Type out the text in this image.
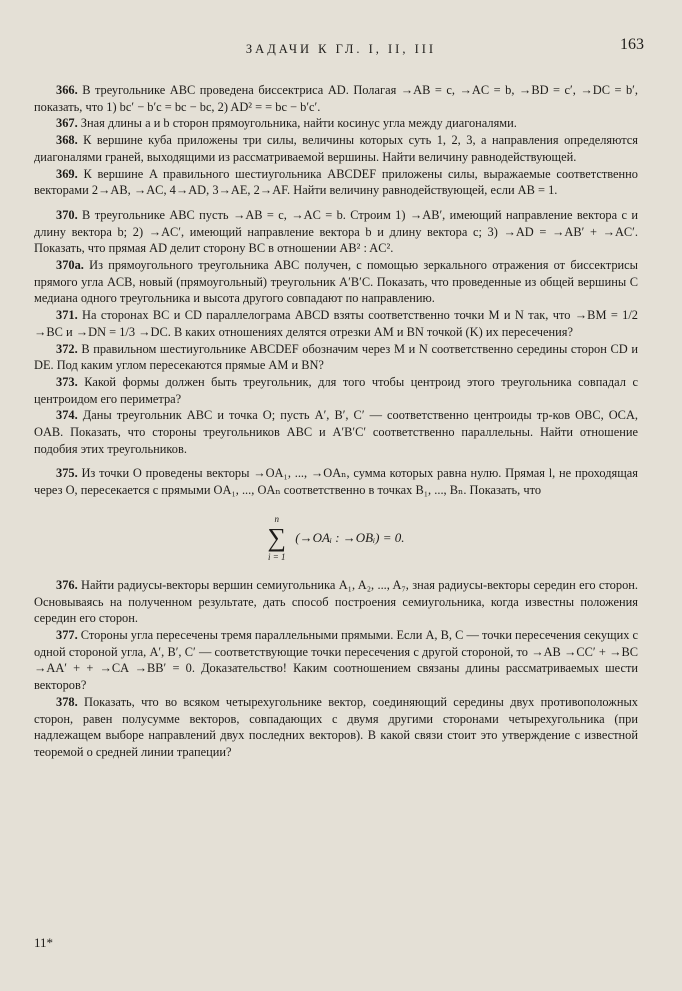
ЗАДАЧИ К ГЛ. I, II, III	163

366. В треугольнике ABC проведена биссектриса AD. Полагая →AB = c, →AC = b, →BD = c′, →DC = b′, показать, что 1) bc′ − b′c = bc − bc, 2) AD² = = bc − b′c′.

367. Зная длины a и b сторон прямоугольника, найти косинус угла между диагоналями.

368. К вершине куба приложены три силы, величины которых суть 1, 2, 3, а направления определяются диагоналями граней, выходящими из рассматриваемой вершины. Найти величину равнодействующей.

369. К вершине A правильного шестиугольника ABCDEF приложены силы, выражаемые соответственно векторами 2→AB, →AC, 4→AD, 3→AE, 2→AF. Найти величину равнодействующей, если AB = 1.

370. В треугольнике ABC пусть →AB = c, →AC = b. Строим 1) →AB′, имеющий направление вектора c и длину вектора b; 2) →AC′, имеющий направление вектора b и длину вектора c; 3) →AD = →AB′ + →AC′. Показать, что прямая AD делит сторону BC в отношении AB² : AC².

370а. Из прямоугольного треугольника ABC получен, с помощью зеркального отражения от биссектрисы прямого угла ACB, новый (прямоугольный) треугольник A′B′C. Показать, что проведенные из общей вершины C медиана одного треугольника и высота другого совпадают по направлению.

371. На сторонах BC и CD параллелограма ABCD взяты соответственно точки M и N так, что →BM = 1/2 →BC и →DN = 1/3 →DC. В каких отношениях делятся отрезки AM и BN точкой (K) их пересечения?

372. В правильном шестиугольнике ABCDEF обозначим через M и N соответственно середины сторон CD и DE. Под каким углом пересекаются прямые AM и BN?

373. Какой формы должен быть треугольник, для того чтобы центроид этого треугольника совпадал с центроидом его периметра?

374. Даны треугольник ABC и точка O; пусть A′, B′, C′ — соответственно центроиды тр-ков OBC, OCA, OAB. Показать, что стороны треугольников ABC и A′B′C′ соответственно параллельны. Найти отношение подобия этих треугольников.

375. Из точки O проведены векторы →OA₁, ..., →OAₙ, сумма которых равна нулю. Прямая l, не проходящая через O, пересекается с прямыми OA₁, ..., OAₙ соответственно в точках B₁, ..., Bₙ. Показать, что

n
∑
i = 1
(→OAᵢ : →OBᵢ) = 0.

376. Найти радиусы-векторы вершин семиугольника A₁, A₂, ..., A₇, зная радиусы-векторы середин его сторон. Основываясь на полученном результате, дать способ построения семиугольника, когда известны положения середин его сторон.

377. Стороны угла пересечены тремя параллельными прямыми. Если A, B, C — точки пересечения секущих с одной стороной угла, A′, B′, C′ — соответствующие точки пересечения с другой стороной, то →AB →CC′ + →BC →AA′ + + →CA →BB′ = 0. Доказательство! Каким соотношением связаны длины рассматриваемых шести векторов?

378. Показать, что во всяком четырехугольнике вектор, соединяющий середины двух противоположных сторон, равен полусумме векторов, совпадающих с двумя другими сторонами четырехугольника (при надлежащем выборе направлений двух последних векторов). В какой связи стоит это утверждение с известной теоремой о средней линии трапеции?

11*
